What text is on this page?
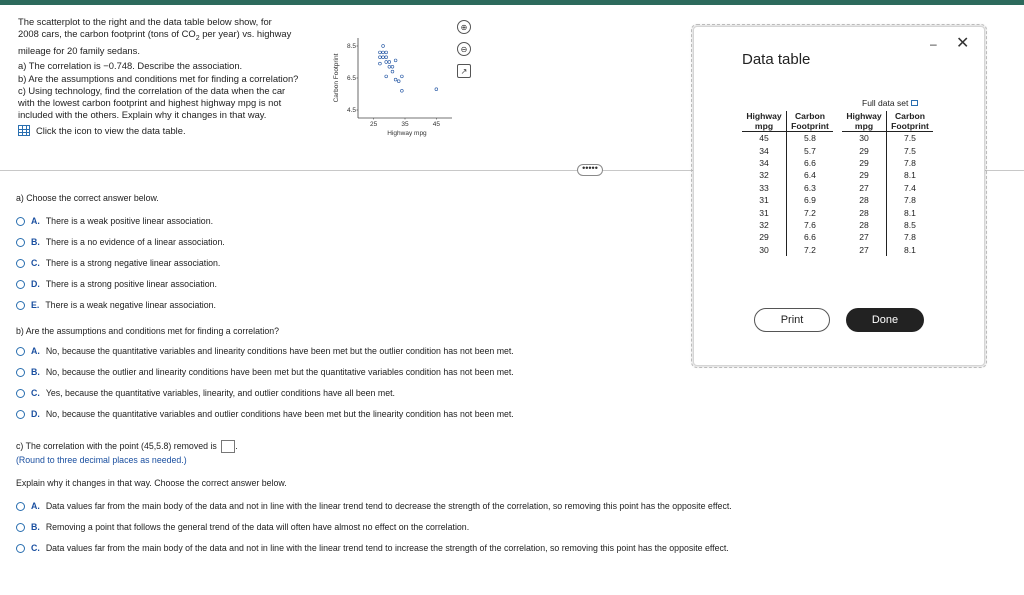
The scatterplot to the right and the data table below show, for

2008 cars, the carbon footprint (tons of $CO_2$ per year) vs. highway

mileage for 20 family sedans.

a) The correlation is −0.748. Describe the association.

b) Are the assumptions and conditions met for finding a correlation?

c) Using technology, find the correlation of the data when the car

with the lowest carbon footprint and highest highway mpg is not

included with the others. Explain why it changes in that way.

Click the icon to view the data table.
8.5
6.5
4.5
25	35	45
Carbon Footprint
Highway mpg
⊕
⊖
↗
•••••
a) Choose the correct answer below.
A. There is a weak positive linear association.
B. There is a no evidence of a linear association.
C. There is a strong negative linear association.
D. There is a strong positive linear association.
E. There is a weak negative linear association.
b) Are the assumptions and conditions met for finding a correlation?
A. No, because the quantitative variables and linearity conditions have been met but the outlier condition has not been met.
B. No, because the outlier and linearity conditions have been met but the quantitative variables condition has not been met.
C. Yes, because the quantitative variables, linearity, and outlier conditions have all been met.
D. No, because the quantitative variables and outlier conditions have been met but the linearity condition has not been met.
c) The correlation with the point (45,5.8) removed is .
(Round to three decimal places as needed.)
Explain why it changes in that way. Choose the correct answer below.
A. Data values far from the main body of the data and not in line with the linear trend tend to decrease the strength of the correlation, so removing this point has the opposite effect.
B. Removing a point that follows the general trend of the data will often have almost no effect on the correlation.
C. Data values far from the main body of the data and not in line with the linear trend tend to increase the strength of the correlation, so removing this point has the opposite effect.
Data table
– ✕
Full data set
Highway	Carbon
mpg	Footprint
45	5.8
34	5.7
34	6.6
32	6.4
33	6.3
31	6.9
31	7.2
32	7.6
29	6.6
30	7.2
Highway	Carbon
mpg	Footprint
30	7.5
29	7.5
29	7.8
29	8.1
27	7.4
28	7.8
28	8.1
28	8.5
27	7.8
27	8.1
Print	Done
